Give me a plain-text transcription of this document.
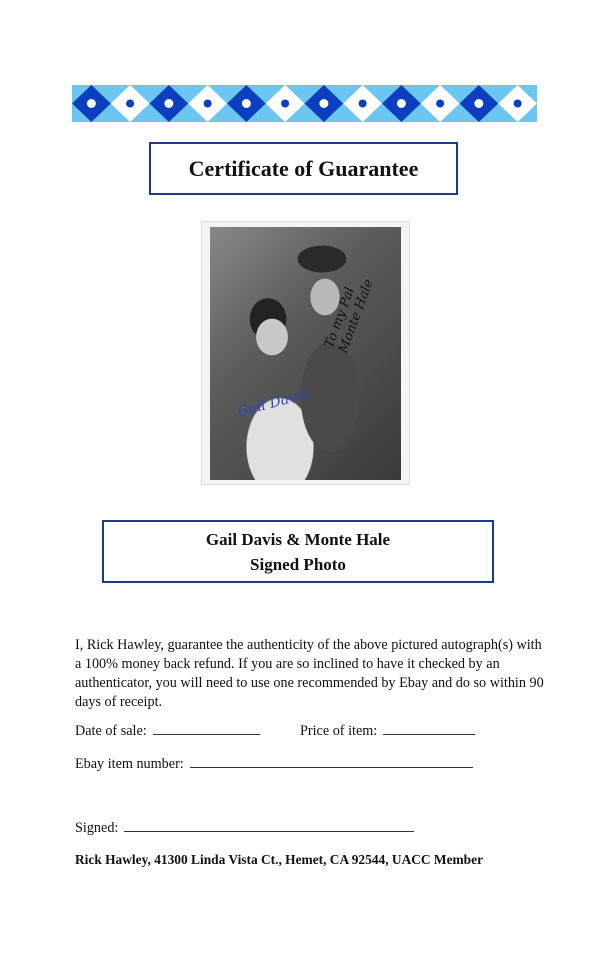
Certificate of Guarantee
To my Pal Monte Hale
Gail Davis
Gail Davis & Monte Hale
Signed Photo
I, Rick Hawley, guarantee the authenticity of the above pictured autograph(s) with a 100% money back refund. If you are so inclined to have it checked by an authenticator, you will need to use one recommended by Ebay and do so within 90 days of receipt.
Date of sale:	Price of item:
Ebay item number:
Signed:
Rick Hawley, 41300 Linda Vista Ct., Hemet, CA 92544, UACC Member
